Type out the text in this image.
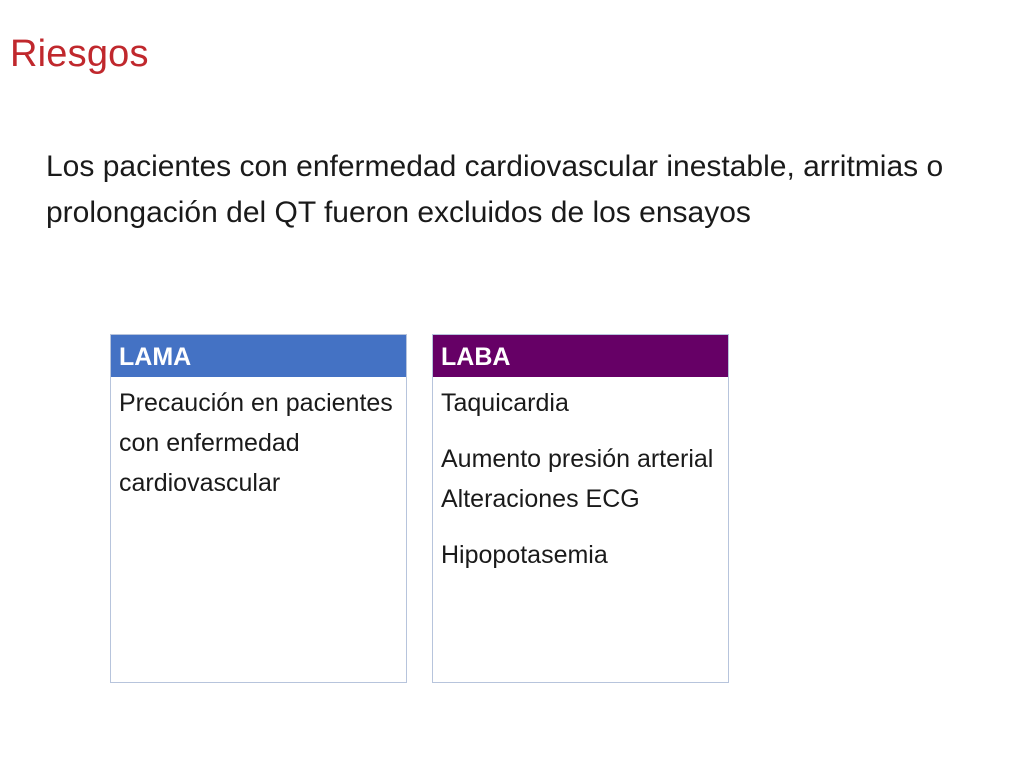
Riesgos
Los pacientes con enfermedad cardiovascular inestable, arritmias o prolongación del QT fueron excluidos de los ensayos
LAMA

Precaución en pacientes con enfermedad cardiovascular

LABA

Taquicardia

Aumento presión arterial Alteraciones ECG

Hipopotasemia
